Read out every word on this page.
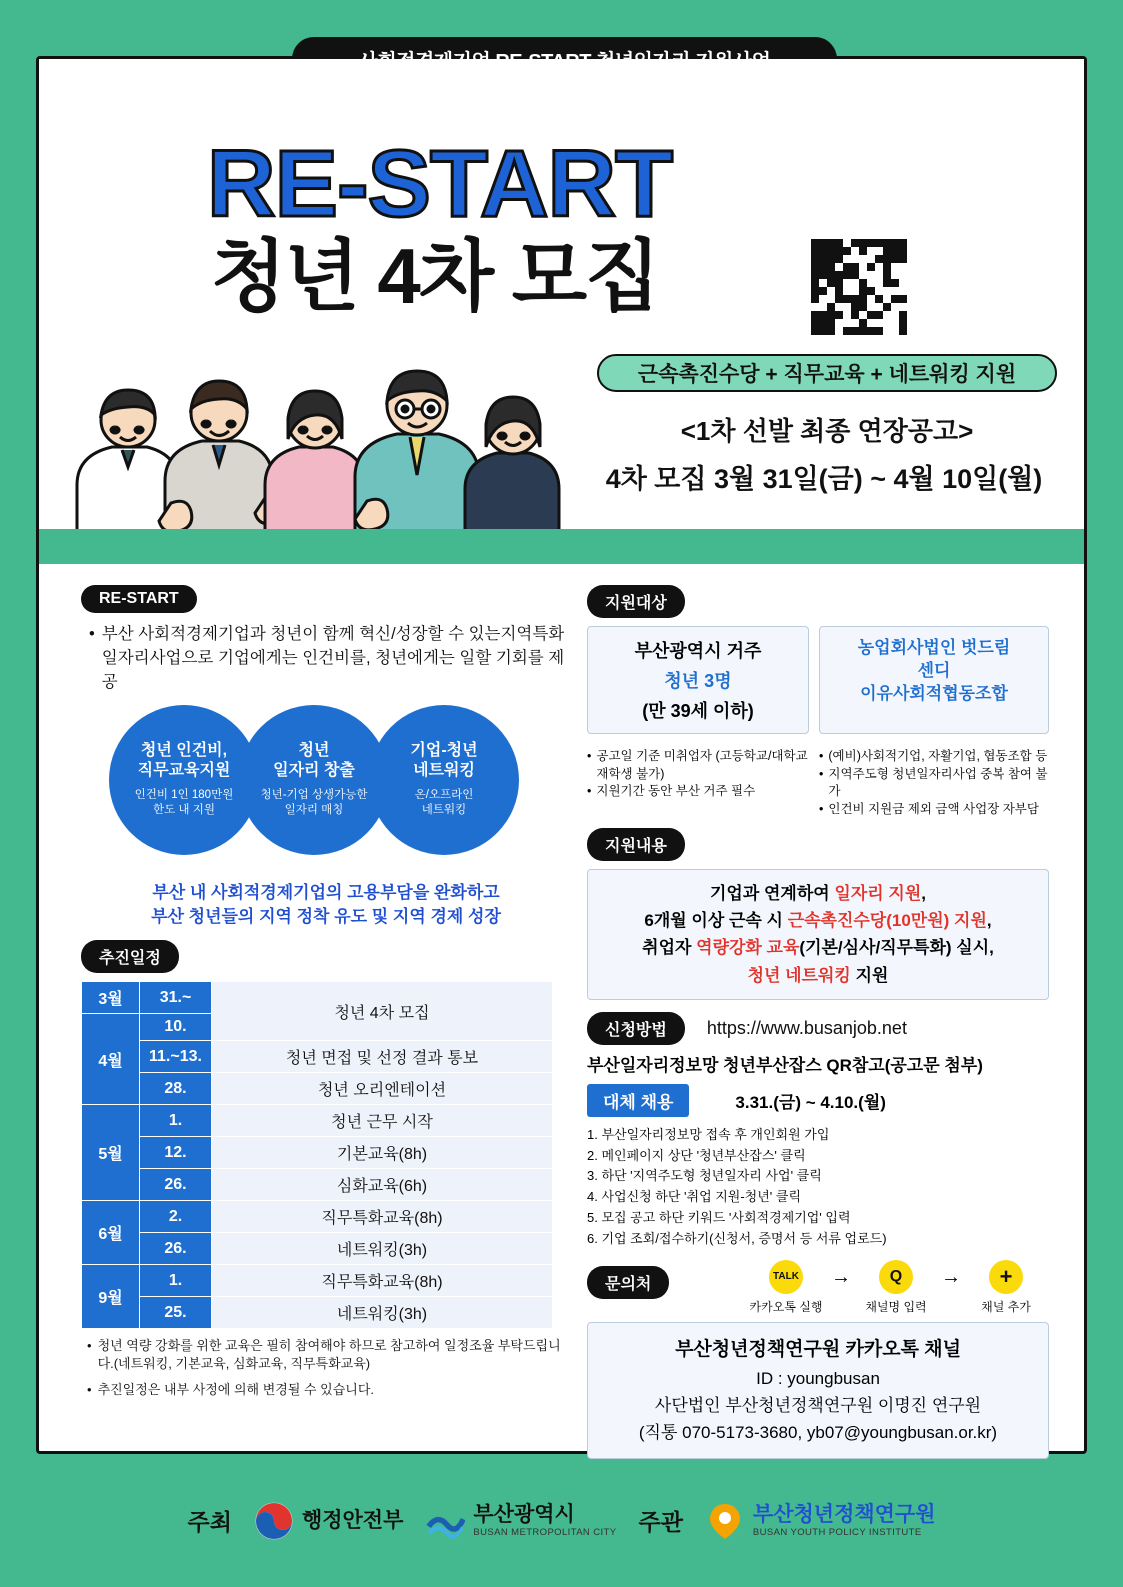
RE-START
청년 4차 모집
근속촉진수당 + 직무교육 + 네트워킹 지원
<1차 선발 최종 연장공고>
4차 모집 3월 31일(금) ~ 4월 10일(월)
RE-START
• 부산 사회적경제기업과 청년이 함께 혁신/성장할 수 있는지역특화 일자리사업으로 기업에게는 인건비를, 청년에게는 일할 기회를 제공
청년 인건비,
직무교육지원
인건비 1인 180만원
한도 내 지원
청년
일자리 창출
청년-기업 상생가능한
일자리 매칭
기업-청년
네트워킹
온/오프라인
네트워킹
부산 내 사회적경제기업의 고용부담을 완화하고
부산 청년들의 지역 정착 유도 및 지역 경제 성장
추진일정
3월	31.~	청년 4차 모집
4월	10.	
	11.~13.	청년 면접 및 선정 결과 통보
	28.	청년 오리엔테이션
5월	1.	청년 근무 시작
	12.	기본교육(8h)
	26.	심화교육(6h)
6월	2.	직무특화교육(8h)
	26.	네트워킹(3h)
9월	1.	직무특화교육(8h)
	25.	네트워킹(3h)
• 청년 역량 강화를 위한 교육은 필히 참여해야 하므로 참고하여 일정조율 부탁드립니다.(네트워킹, 기본교육, 심화교육, 직무특화교육)
• 추진일정은 내부 사정에 의해 변경될 수 있습니다.
지원대상
부산광역시 거주
청년 3명
(만 39세 이하)
농업회사법인 벗드림
센디
이유사회적협동조합
• 공고일 기준 미취업자 (고등학교/대학교 재학생 불가)
• 지원기간 동안 부산 거주 필수
• (예비)사회적기업, 자활기업, 협동조합 등
• 지역주도형 청년일자리사업 중복 참여 불가
• 인건비 지원금 제외 금액 사업장 자부담
지원내용
기업과 연계하여 일자리 지원,
6개월 이상 근속 시 근속촉진수당(10만원) 지원,
취업자 역량강화 교육(기본/심사/직무특화) 실시,
청년 네트워킹 지원
신청방법	https://www.busanjob.net
부산일자리정보망 청년부산잡스 QR참고(공고문 첨부)
대체 채용	3.31.(금) ~ 4.10.(월)
1. 부산일자리정보망 접속 후 개인회원 가입
2. 메인페이지 상단 '청년부산잡스' 클릭
3. 하단 '지역주도형 청년일자리 사업' 클릭
4. 사업신청 하단 '취업 지원-청년' 클릭
5. 모집 공고 하단 키워드 '사회적경제기업' 입력
6. 기업 조회/접수하기(신청서, 증명서 등 서류 업로드)
문의처	TALK
카카오톡 실행
→	Q
채널명 입력
→	+
채널 추가
부산청년정책연구원 카카오톡 채널
ID : youngbusan
사단법인 부산청년정책연구원 이명진 연구원
(직통 070-5173-3680, yb07@youngbusan.or.kr)
주최	행정안전부	부산광역시
BUSAN METROPOLITAN CITY 주관	부산청년정책연구원
BUSAN YOUTH POLICY INSTITUTE
